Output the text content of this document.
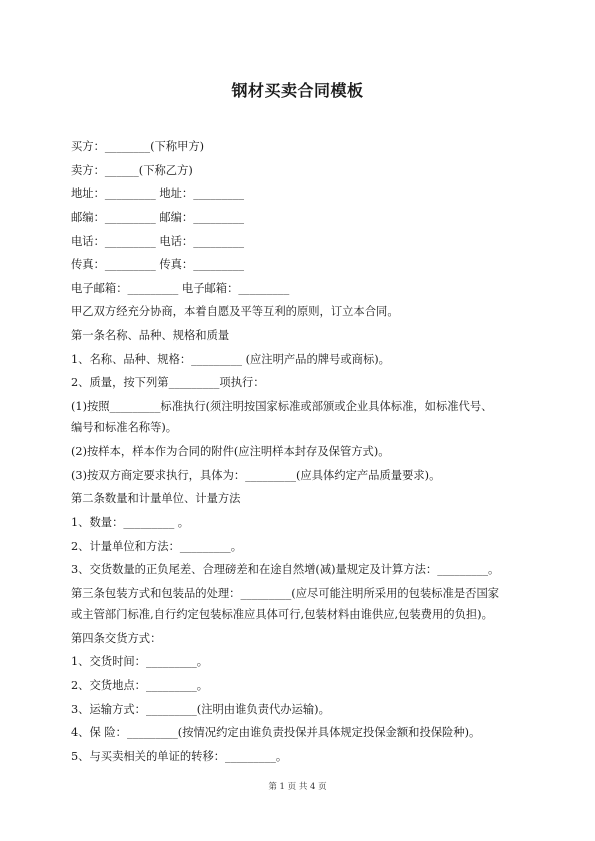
钢材买卖合同模板
买方：________(下称甲方)
卖方：______(下称乙方)
地址：_________ 地址：_________
邮编：_________ 邮编：_________
电话：_________ 电话：_________
传真：_________ 传真：_________
电子邮箱：_________ 电子邮箱：_________
甲乙双方经充分协商，本着自愿及平等互利的原则，订立本合同。
第一条名称、品种、规格和质量
1、名称、品种、规格：_________ (应注明产品的牌号或商标)。
2、质量，按下列第_________项执行：
(1)按照_________标准执行(须注明按国家标准或部颁或企业具体标准，如标准代号、
编号和标准名称等)。
(2)按样本，样本作为合同的附件(应注明样本封存及保管方式)。
(3)按双方商定要求执行，具体为：_________(应具体约定产品质量要求)。
第二条数量和计量单位、计量方法
1、数量：_________ 。
2、计量单位和方法：_________。
3、交货数量的正负尾差、合理磅差和在途自然增(减)量规定及计算方法：_________。
第三条包装方式和包装品的处理：_________(应尽可能注明所采用的包装标准是否国家
或主管部门标准,自行约定包装标准应具体可行,包装材料由谁供应,包装费用的负担)。
第四条交货方式：
1、交货时间：_________。
2、交货地点：_________。
3、运输方式：_________(注明由谁负责代办运输)。
4、保 险：_________(按情况约定由谁负责投保并具体规定投保金额和投保险种)。
5、与买卖相关的单证的转移：_________。
第 1 页 共 4 页
